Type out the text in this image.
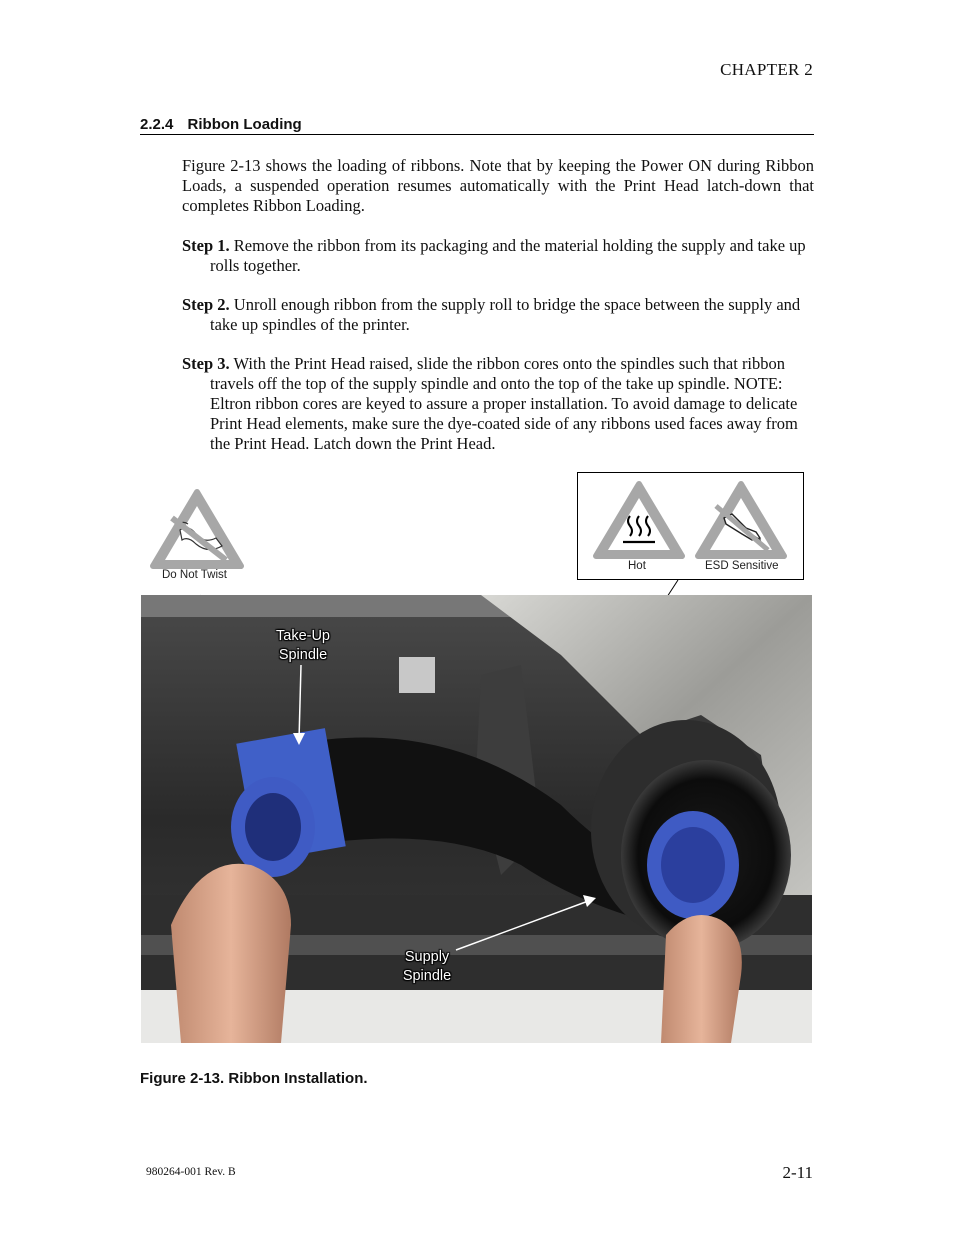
CHAPTER 2
2.2.4 Ribbon Loading
Figure 2-13 shows the loading of ribbons. Note that by keeping the Power ON during Ribbon Loads, a suspended operation resumes automatically with the Print Head latch-down that completes Ribbon Loading.
Step 1. Remove the ribbon from its packaging and the material holding the supply and take up rolls together.
Step 2. Unroll enough ribbon from the supply roll to bridge the space between the supply and take up spindles of the printer.
Step 3. With the Print Head raised, slide the ribbon cores onto the spindles such that ribbon travels off the top of the supply spindle and onto the top of the take up spindle. NOTE: Eltron ribbon cores are keyed to assure a proper installation. To avoid damage to delicate Print Head elements, make sure the dye-coated side of any ribbons used faces away from the Print Head. Latch down the Print Head.
Do Not Twist
Hot	ESD Sensitive
Take-Up
Spindle
Supply
Spindle
Figure 2-13. Ribbon Installation.
980264-001 Rev. B	2-11
